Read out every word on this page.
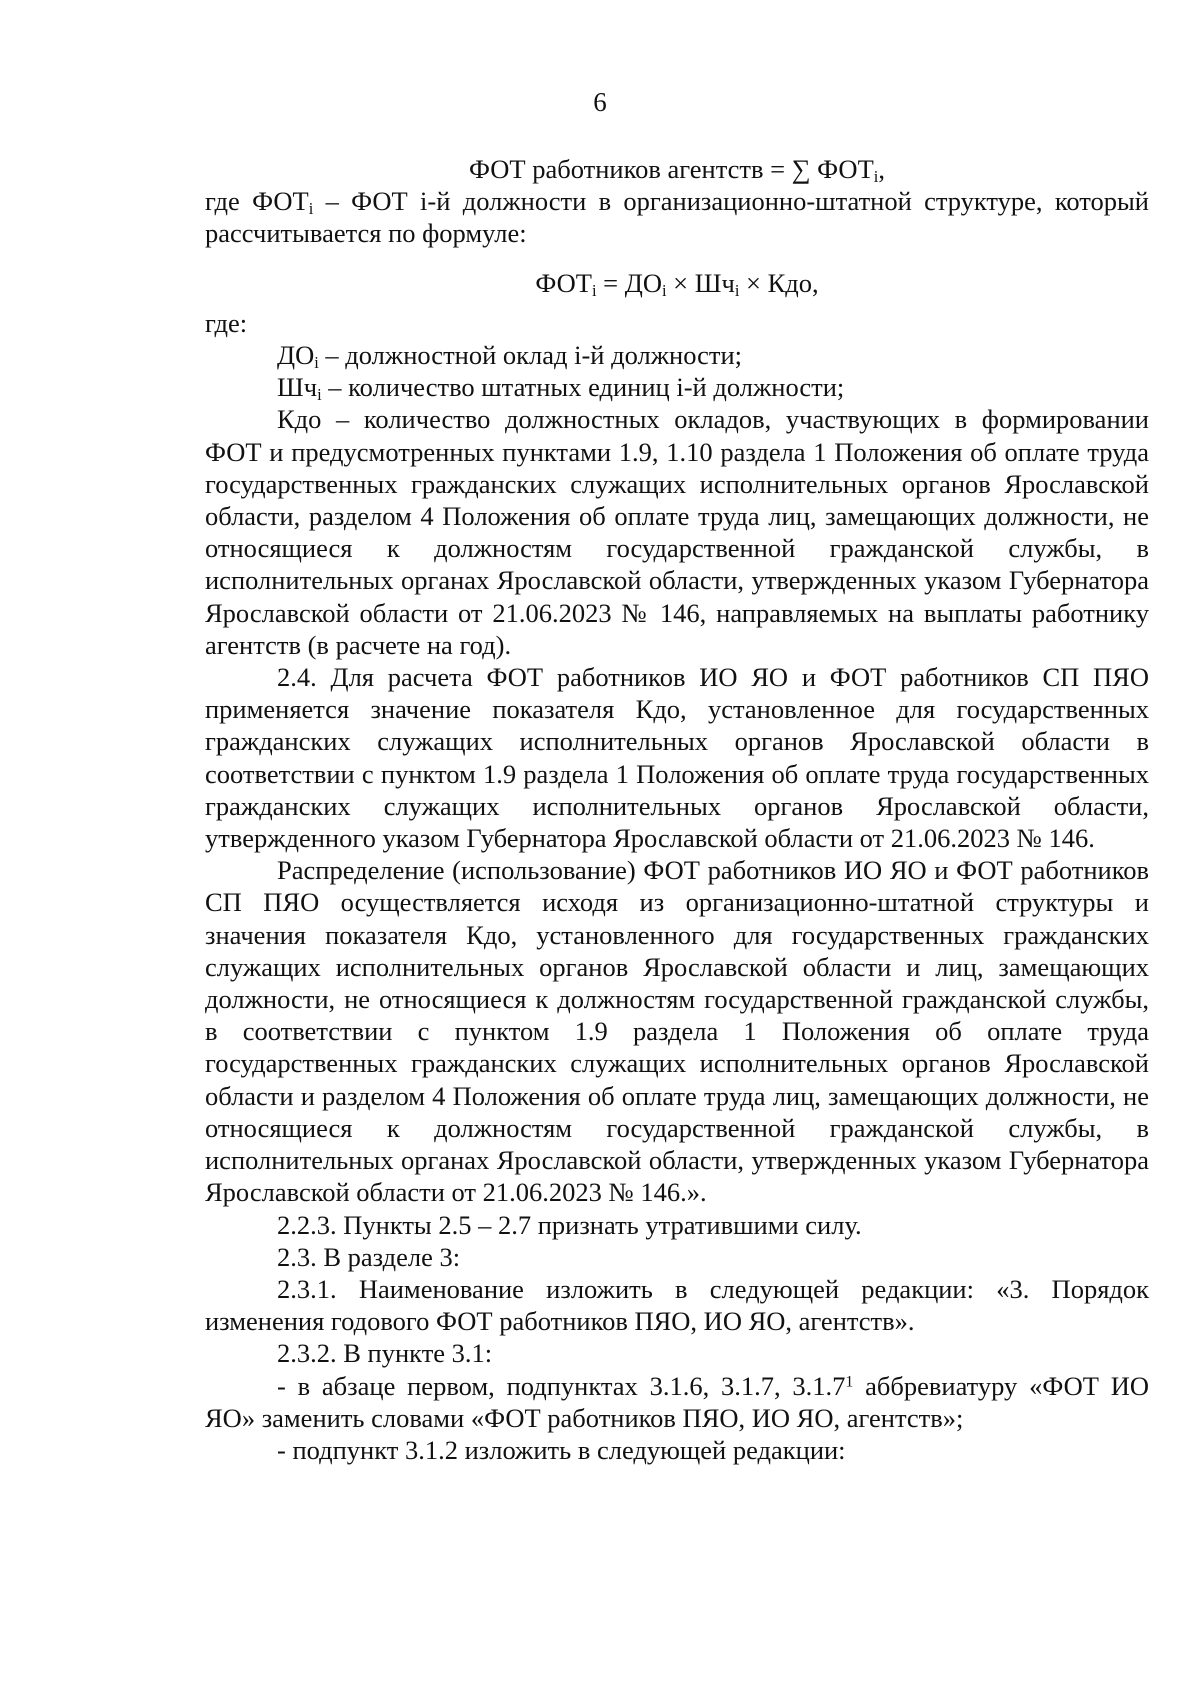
6

ФОТ работников агентств = ∑ $ФОТ_i$,

где $ФОТ_i$ – ФОТ i-й должности в организационно-штатной структуре, который рассчитывается по формуле:

$ФОТ_i = ДО_i \times Шч_i$ × Кдо,

где:

$ДО_i$ – должностной оклад i-й должности;

$Шч_i$ – количество штатных единиц i-й должности;

Кдо – количество должностных окладов, участвующих в формировании ФОТ и предусмотренных пунктами 1.9, 1.10 раздела 1 Положения об оплате труда государственных гражданских служащих исполнительных органов Ярославской области, разделом 4 Положения об оплате труда лиц, замещающих должности, не относящиеся к должностям государственной гражданской службы, в исполнительных органах Ярославской области, утвержденных указом Губернатора Ярославской области от 21.06.2023 № 146, направляемых на выплаты работнику агентств (в расчете на год).

2.4. Для расчета ФОТ работников ИО ЯО и ФОТ работников СП ПЯО применяется значение показателя Кдо, установленное для государственных гражданских служащих исполнительных органов Ярославской области в соответствии с пунктом 1.9 раздела 1 Положения об оплате труда государственных гражданских служащих исполнительных органов Ярославской области, утвержденного указом Губернатора Ярославской области от 21.06.2023 № 146.

Распределение (использование) ФОТ работников ИО ЯО и ФОТ работников СП ПЯО осуществляется исходя из организационно-штатной структуры и значения показателя Кдо, установленного для государственных гражданских служащих исполнительных органов Ярославской области и лиц, замещающих должности, не относящиеся к должностям государственной гражданской службы, в соответствии с пунктом 1.9 раздела 1 Положения об оплате труда государственных гражданских служащих исполнительных органов Ярославской области и разделом 4 Положения об оплате труда лиц, замещающих должности, не относящиеся к должностям государственной гражданской службы, в исполнительных органах Ярославской области, утвержденных указом Губернатора Ярославской области от 21.06.2023 № 146.».

2.2.3. Пункты 2.5 – 2.7 признать утратившими силу.

2.3. В разделе 3:

2.3.1. Наименование изложить в следующей редакции: «3. Порядок изменения годового ФОТ работников ПЯО, ИО ЯО, агентств».

2.3.2. В пункте 3.1:

- в абзаце первом, подпунктах 3.1.6, 3.1.7, 3.1.7$^1$ аббревиатуру «ФОТ ИО ЯО» заменить словами «ФОТ работников ПЯО, ИО ЯО, агентств»;

- подпункт 3.1.2 изложить в следующей редакции:
